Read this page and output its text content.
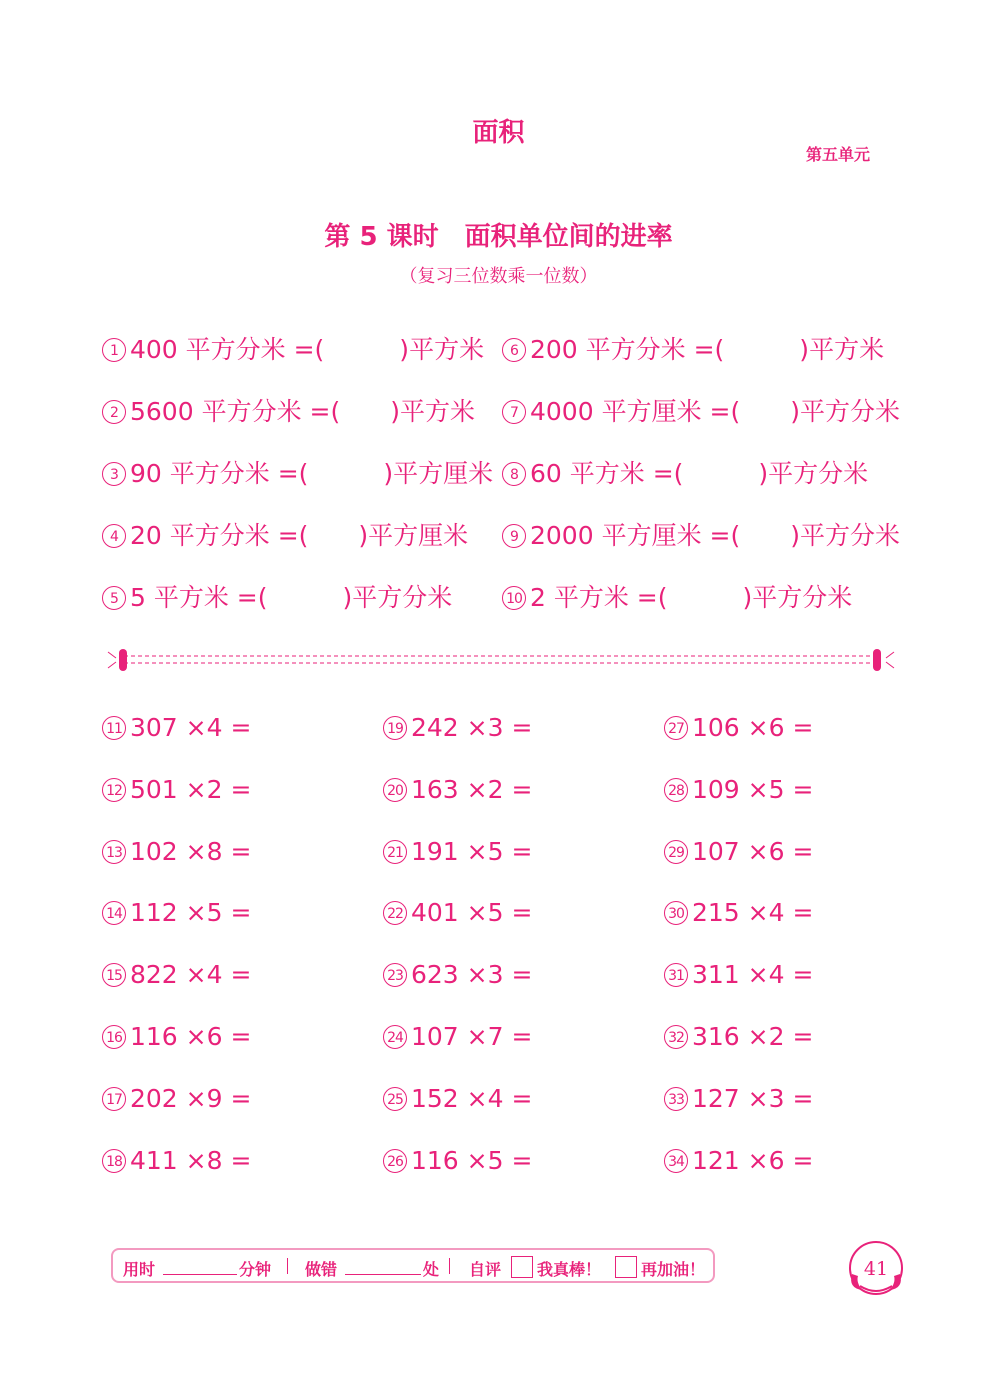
面积
第五单元
第 5 课时　面积单位间的进率
（复习三位数乘一位数）
1 400 平方分米 =(　　　)平方米
2 5600 平方分米 =(　　)平方米
3 90 平方分米 =(　　　)平方厘米
4 20 平方分米 =(　　)平方厘米
5 5 平方米 =(　　　)平方分米
6 200 平方分米 =(　　　)平方米
7 4000 平方厘米 =(　　)平方分米
8 60 平方米 =(　　　)平方分米
9 2000 平方厘米 =(　　)平方分米
10 2 平方米 =(　　　)平方分米
11 307 ×4 =
12 501 ×2 =
13 102 ×8 =
14 112 ×5 =
15 822 ×4 =
16 116 ×6 =
17 202 ×9 =
18 411 ×8 =
19 242 ×3 =
20 163 ×2 =
21 191 ×5 =
22 401 ×5 =
23 623 ×3 =
24 107 ×7 =
25 152 ×4 =
26 116 ×5 =
27 106 ×6 =
28 109 ×5 =
29 107 ×6 =
30 215 ×4 =
31 311 ×4 =
32 316 ×2 =
33 127 ×3 =
34 121 ×6 =
用时	分钟 做错	处 自评 我真棒！ 再加油！	41
